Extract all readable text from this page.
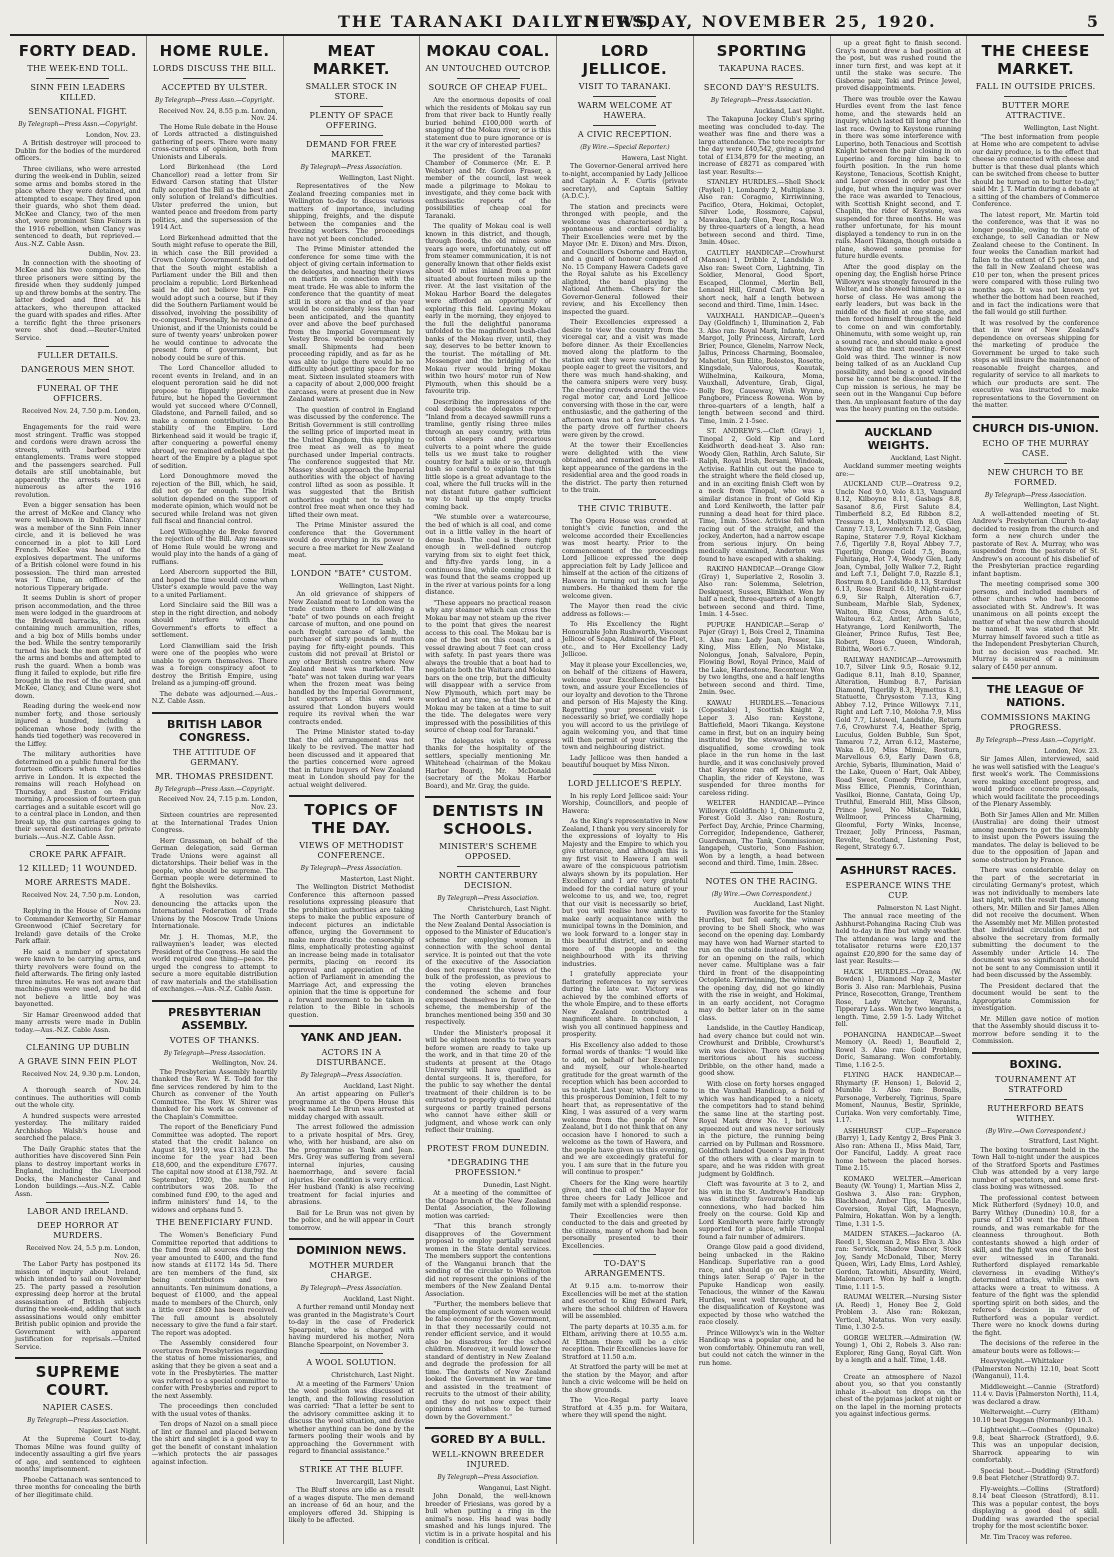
THE TARANAKI DAILY NEWS,
THURSDAY, NOVEMBER 25, 1920.	5
FORTY DEAD.
THE WEEK-END TOLL.
SINN FEIN LEADERS KILLED.
SENSATIONAL FIGHT.
By Telegraph—Press Assn.—Copyright.
London, Nov. 23.

A British destroyer will proceed to Dublin for the bodies of the murdered officers.

Three civilians, who were arrested during the week-end in Dublin, seized some arms and bombs stored in the place where they were detained, and attempted to escape. They fired upon their guards, who shot them dead. McKee and Clancy, two of the men shot, were prominent Sinn Feiners in the 1916 rebellion, when Clancy was sentenced to death, but reprieved.—Aus.-N.Z. Cable Assn.

Dublin, Nov. 23.

In connection with the shooting of McKee and his two companions, the three prisoners were sitting by the fireside when they suddenly jumped up and threw bombs at the sentry. The latter dodged and fired at his attackers, who thereupon attacked the guard with spades and rifles. After a terrific fight the three prisoners were shot dead.—Reuter-United Service.

FULLER DETAILS.
DANGEROUS MEN SHOT.
FUNERAL OF THE OFFICERS.
Received Nov. 24, 7.50 p.m. London, Nov. 23.

Engagements for the raid were most stringent. Traffic was stopped and cordons were drawn across the streets, with barbed wire entanglements. Trams were stopped and the passengers searched. Full details are still unobtainable, but apparently the arrests were as numerous as after the 1916 revolution.

Even a bigger sensation has been the arrest of McKee and Clancy who were well-known in Dublin. Clancy was a member of the Sinn Fein inner circle, and it is believed he was concerned in a plot to kill Lord French. McKee was head of the explosives department. The uniforms of a British colonel were found in his possession. The third man arrested was T. Clune, an officer of the notorious Tipperary brigade.

It seems Dublin is short of proper prison accommodation, and the three men were lodged in the guardroom at the Bridewell barracks, the room containing much ammunition, rifles, and a big box of Mills bombs under the bed. While the sentry temporarily turned his back the men got hold of the arms and bombs and attempted to rush the guard. When a bomb was flung it failed to explode, but rifle fire brought in the rest of the guard, and McKee, Clancy, and Clune were shot down.

Reading during the week-end now number forty, and those seriously injured a hundred, including a policeman whose body (with the hands tied together) was recovered in the Liffey.

The military authorities have determined on a public funeral for the fourteen officers when the bodies arrive in London. It is expected the remains will reach Holyhead on Thursday, and Euston on Friday morning. A procession of fourteen gun carriages and a suitable escort will go to a central place in London, and then break up, the gun carriages going to their several destinations for private burials.—Aus.-N.Z. Cable Assn.

CROKE PARK AFFAIR.
12 KILLED; 11 WOUNDED.
MORE ARRESTS MADE.
Received Nov. 24, 7.50 p.m. London, Nov. 23.

Replying in the House of Commons to Commander Kenworthy, Sir Hamar Greenwood (Chief Secretary for Ireland) gave details of the Croke Park affair.

He said a number of spectators were known to be carrying arms, and thirty revolvers were found on the field afterwards. The firing only lasted three minutes. He was not aware that machine-guns were used, and he did not believe a little boy was bayonetted.

Sir Hamar Greenwood added that many arrests were made in Dublin today.—Aus.-N.Z. Cable Assn.

CLEANING UP DUBLIN
A GRAVE SINN FEIN PLOT
Received Nov. 24, 9.30 p.m. London, Nov. 24.

A thorough search of Dublin continues. The authorities will comb out the whole city.

A hundred suspects were arrested yesterday. The military raided Archbishop Walsh's house and searched the palace.

The Daily Graphic states that the authorities have discovered Sinn Fein plans to destroy important works in England, including the Liverpool Docks, the Manchester Canal and London buildings.—Aus.-N.Z. Cable Assn.

LABOR AND IRELAND.
DEEP HORROR AT MURDERS.
Received Nov. 24, 5.5 p.m. London, Nov. 26.

The Labor Party has postponed its mission of inquiry about Ireland, which intended to sail on November 25. The party passed a resolution expressing deep horror at the brutal assassination of British subjects during the week-end, adding that such assassinations would only embitter British public opinion and provide the Government with apparent justification for reprisals.—United Service.

SUPREME COURT.
NAPIER CASES.
By Telegraph—Press Association.
Napier, Last Night.

At the Supreme Court to-day, Thomas Milne was found guilty of indecently assaulting a girl five years of age, and sentenced to eighteen months' imprisonment.

Phoebe Cattanach was sentenced to three months for concealing the birth of her illegitimate child.

HOME RULE.
LORDS DISCUSS THE BILL.
ACCEPTED BY ULSTER.
By Telegraph—Press Assn.—Copyright.
Received Nov. 24, 8.55 p.m. London, Nov. 24.

The Home Rule debate in the House of Lords attracted a distinguished gathering of peers. There were many cross-currents of opinion, both from Unionists and Liberals.

Lord Birkenhead (the Lord Chancellor) read a letter from Sir Edward Carson stating that Ulster fully accepted the Bill as the best and only solution of Ireland's difficulties. Ulster preferred the union, but wanted peace and freedom from party politics, and the supersession of the 1914 Act.

Lord Birkenhead admitted that the South might refuse to operate the Bill, in which case the Bill provided a Crown Colony Government. He added that the South might establish a Parliament under the Bill and then proclaim a republic. Lord Birkenhead said he did not believe Sinn Fein would adopt such a course, but if they did the Southern Parliament would be dissolved, involving the possibility of re-conquest. Personally, he remained a Unionist, and if the Unionists could be sure of twenty years' unbroken power he would continue to advocate the present form of government, but nobody could be sure of this.

The Lord Chancellor alluded to recent events in Ireland, and in an eloquent peroration said he did not propose to flippantly predict the future, but he hoped the Government would yet succeed where O'Connell, Gladstone, and Parnell failed, and so make a common contribution to the stability of the Empire. Lord Birkenhead said it would be tragic if, after conquering a powerful enemy abroad, we remained enfeebled at the heart of the Empire by a plague spot of sedition.

Lord Donoughmore moved the rejection of the Bill, which, he said, did not go far enough. The Irish solution depended on the support of moderate opinion, which would not be secured while Ireland was not given full fiscal and financial control.

Lord Willoughby de Broke favored the rejection of the Bill. Any measure of Home Rule would be wrong and would play into the hands of a gang of ruffians.

Lord Abercorn supported the Bill, and hoped the time would come when Ulster's example would pave the way to a united Parliament.

Lord Sinclaire said the Bill was a step in the right direction, and nobody should interfere with the Government's efforts to effect a settlement.

Lord Clanwilliam said the Irish were one of the peoples who were unable to govern themselves. There was a foreign conspiracy afoot to destroy the British Empire, using Ireland as a jumping-off ground.

The debate was adjourned.—Aus.-N.Z. Cable Assn.

BRITISH LABOR CONGRESS.
THE ATTITUDE OF GERMANY.
MR. THOMAS PRESIDENT.
By Telegraph—Press Assn.—Copyright.
Received Nov. 24, 7.15 p.m. London, Nov. 23.

Sixteen countries are represented at the International Trades Union Congress.

Herr Grassman, on behalf of the German delegation, said German Trade Unions were against all dictatorships. Their belief was in the people, who should be supreme. The German people were determined to fight the Bolsheviks.

A resolution was carried denouncing the attacks upon the International Federation of Trade Unions by the Moscow Trade Unions Internationale.

Mr. J. H. Thomas, M.P., the railwaymen's leader, was elected President of the Congress. He said the world required one thing—peace. He urged the congress to attempt to secure a more equitable distribution of raw materials and the stabilisation of exchanges.—Aus.-N.Z. Cable Assn.

PRESBYTERIAN ASSEMBLY.
VOTES OF THANKS.
By Telegraph—Press Association.
Wellington, Nov. 24.

The Presbyterian Assembly heartily thanked the Rev. W. E. Todd for the fine services rendered by him to the Church as convener of the Youth Committee. The Rev. W. Shirer was thanked for his work as convener of the Chaplain's Committee.

The report of the Beneficiary Fund Committee was adopted. The report stated that the credit balance on August 18, 1919, was £133,123. The income for the year had been £18,600, and the expenditure £7677. The capital now stood at £138,792. At September, 1920, the number of contributors was 208. To the combined fund £90, to the aged and infirm ministers' fund 14, to the widows and orphans fund 5.

THE BENEFICIARY FUND.

The Women's Beneficiary Fund Committee reported that additions to the fund from all sources during the year amounted to £400, and the fund now stands at £1172 14s 5d. There are ten members of the fund, six being contributors and two annuitants. Ten minimum donations, a bequest of £1000, and the appeal made to members of the Church, only a little over £800 has been received. The full amount is absolutely necessary to give the fund a fair start. The report was adopted.

The Assembly considered four overtures from Presbyteries regarding the status of home missionaries, and asking that they be given a seat and a vote in the Presbyteries. The matter was referred to a special committee to confer with Presbyteries and report to the next Assembly.

The proceedings then concluded with the usual votes of thanks.

Ten drops of Nazol on a small piece of lint or flannel and placed between the shirt and singlet is a good way to get the benefit of constant inhalation—which protects the air passages against infection.

MEAT MARKET.
SMALLER STOCK IN STORE.
PLENTY OF SPACE OFFERING.
DEMAND FOR FREE MARKET.
By Telegraph—Press Association.
Wellington, Last Night.

Representatives of the New Zealand freezing companies met in Wellington to-day to discuss various matters of importance, including shipping, freights, and the dispute between the companies and the freezing workers. The proceedings have not yet been concluded.

The Prime Minister attended the conference for some time with the object of giving certain information to the delegates, and hearing their views on matters in connection with the meat trade. He was able to inform the conference that the quantity of meat still in store at the end of the year would be considerably less than had been anticipated, and the quantity over and above the beef purchased from the Imperial Government by Vestey Bros. would be comparatively small. Shipments had been proceeding rapidly, and as far as he was able to judge there would be no difficulty about getting space for free meat. Sixteen insulated steamers with a capacity of about 2,000,000 freight carcases, were at present due in New Zealand waters.

The question of control in England was discussed by the conference. The British Government is still controlling the selling price of imported meat in the United Kingdom, this applying to free meat as well as to meat purchased under Imperial contracts. The conference suggested that Mr. Massey should approach the Imperial authorities with the object of having control lifted as soon as possible. It was suggested that the British authorities ought not to wish to control free meat when once they had lifted their own meat.

The Prime Minister assured the conference that the Government would do everything in its power to secure a free market for New Zealand meat.

LONDON "BATE" CUSTOM.
Wellington, Last Night.

An old grievance of shippers of New Zealand meat to London was the trade custom there of allowing a "bate" of two pounds on each freight carcase of mutton, and one pound on each freight carcase of lamb, the purchaser of sixty pounds of mutton paying for fifty-eight pounds. This custom did not prevail at Bristol or any other British centre where New Zealand meat was marketed. The "bate" was not taken during war years when the frozen meat was being handled by the Imperial Government, but exporters at this end were assured that London buyers would require its revival when the war contracts ended.

The Prime Minister stated to-day that the old arrangement was not likely to be revived. The matter had been discussed and it appeared that the parties concerned were agreed that in future buyers of New Zealand meat in London should pay for the actual weight delivered.

TOPICS OF THE DAY.
VIEWS OF METHODIST CONFERENCE.
By Telegraph—Press Association.
Masterton, Last Night.

The Wellington District Methodist Conference this afternoon passed resolutions expressing pleasure that the prohibition authorities are taking steps to make the public exposure of indecent pictures an indictable offence, urging the Government to make more drastic the censorship of films, emphatically protesting against an increase being made in totalisator permits, placing on record its approval and appreciation of the action of Parliament in amending the Marriage Act, and expressing the opinion that the time is opportune for a forward movement to be taken in relation to the Bible in schools question.

YANK AND JEAN.
ACTORS IN A DISTURBANCE.
By Telegraph—Press Association.
Auckland, Last Night.

An artist appearing on Fuller's programme at the Opera House this week named Le Brun was arrested at midday charged with assault.

The arrest followed the admission to a private hospital of Mrs. Grey, who, with her husband, are also on the programme as Yank and Jean. Mrs. Grey was suffering from several internal injuries, causing haemorrhage, and severe facial injuries. Her condition is very critical. Her husband (Yank) is also receiving treatment for facial injuries and abrasions.

Bail for Le Brun was not given by the police, and he will appear in Court tomorrow.

DOMINION NEWS.
MOTHER MURDER CHARGE.
By Telegraph—Press Association.
Auckland, Last Night.

A further remand until Monday next was granted in the Magistrate's Court to-day in the case of Frederick Spearpoint, who is charged with having murdered his mother, Nora Blanche Spearpoint, on November 3.

A WOOL SOLUTION.
Christchurch, Last Night.

At a meeting of the Farmers' Union the wool position was discussed at length, and the following resolution was carried: "That a letter be sent to the advisory committee asking it to discuss the wool situation, and devise whether anything can be done by the farmers pooling their wools and by approaching the Government with regard to financial assistance."

STRIKE AT THE BLUFF.
Invercargill, Last Night.

The Bluff stores are idle as a result of a wages dispute. The men demand an increase of 6d an hour, and the employers offered 3d. Shipping is likely to be affected.

MOKAU COAL.
AN UNTOUCHED OUTCROP.
SOURCE OF CHEAP FUEL.

Are the enormous deposits of coal which the residents of Mokau say run from that river back to Huntly really buried behind £100,000 worth of snagging of the Mokau river, or is this statement due to pure ignorance or is it the war cry of interested parties?

The president of the Taranaki Chamber of Commerce (Mr. E. P. Webster) and Mr. Gordon Fraser, a member of the council, last week made a pilgrimage to Mokau to investigate, and they come back with enthusiastic reports of the possibilities of cheap coal for Taranaki.

The quality of Mokau coal is well known in this district, and though, through floods, the old mines some years ago were, unfortunately, cut off from steamer communication, it is not generally known that other fields exist about 40 miles inland from a point situated about fourteen miles up the river. At the last visitation of the Mokau Harbor Board the delegates were afforded an opportunity of exploring this field. Leaving Mokau early in the morning, they enjoyed to the full the delightful panorama unfolded to the magnificent bush-clad banks of the Mokau river, until, they say, deserves to be better known to the tourist. The métalling of Mt. Messenger and the bridging of the Mokau river would bring Mokau within two hours' motor run of New Plymouth, when this should be a favourite trip.

Describing the impressions of the coal deposits the delegates report: "Inland from a decayed sawmill runs a tramline, gently rising three miles through an easy country, with trim cotton sleepers and precarious culverts to a point where the guide tells us we must take to rougher country for half a mile or so, through bush so careful to explain that this little slope is a great advantage to the coal, where the full trucks will in the not distant future gather sufficient way to haul up the empty trucks coming back.

"We stumble over a watercourse, the bed of which is all coal, and come out in a little valley in the heart of dense bush. The coal is there right enough in well-defined outcrop varying from six to eight feet thick, and fifty-five yards long, in a continuous line, while coming back it was found that the seams cropped up in the river at various points for a long distance.

"These appears no practical reason why any steamer which can cross the Mokau bar may not steam up the river to the point that gives the nearest access to this coal. The Mokau bar is one of the best on this coast, and a vessel drawing about 7 feet can cross with safety. In past years there was always the trouble that a boat had to negotiate both the Waitara and Mokau bars on the one trip, but the difficulty will disappear with a service from New Plymouth, which port may be worked at any time, so that the bar at Mokau may be taken at a time to suit the tide. The delegates were very impressed with the possibilities of this source of cheap coal for Taranaki."

The delegates wish to express thanks for the hospitality of the settlers, specially mentioning Mr. Whitehead (chairman of the Mokau Harbor Board), Mr. McDonald (secretary of the Mokau Harbor Board), and Mr. Gray, the guide.

DENTISTS IN SCHOOLS.
MINISTER'S SCHEME OPPOSED.
NORTH CANTERBURY DECISION.
By Telegraph—Press Association.
Christchurch, Last Night.

The North Canterbury branch of the New Zealand Dental Association is opposed to the Minister of Education's scheme for employing women in connection with the school dental service. It is pointed out that the vote of the executive of the Association does not represent the views of the bulk of the profession, as previous to the voting eleven branches condemned the scheme and four expressed themselves in favor of the scheme, the membership of the branches mentioned being 350 and 30 respectively.

Under the Minister's proposal it will be eighteen months to two years before women are ready to take up the work, and in that time 20 of the students at present at the Otago University will have qualified as dental surgeons. It is, therefore, for the public to say whether the dental treatment of their children is to be entrusted to properly qualified dental surgeons or partly trained persons who cannot have either skill or judgment, and whose work can only reflect their training.

PROTEST FROM DUNEDIN.
"DEGRADING THE PROFESSION."
Dunedin, Last Night.

At a meeting of the committee of the Otago branch of the New Zealand Dental Association, the following motion was carried:

"That this branch strongly disapproves of the Government proposal to employ partially trained women in the State dental services. The members support the contentions of the Wanganui branch that the sending of the circular to Wellington did not represent the opinions of the members of the New Zealand Dental Association.

"Further, the members believe that the employment of such women would be false economy for the Government, in that they necessarily could not render efficient service, and it would also be disastrous for the school children. Moreover, it would lower the standard of dentistry in New Zealand and degrade the profession for all time. The dentists of New Zealand looked the Government in war time and assisted in the treatment of recruits to the utmost of their ability, and they do not now expect their opinions and wishes to be turned down by the Government."

GORED BY A BULL.
WELL-KNOWN BREEDER INJURED.
By Telegraph—Press Association.
Wanganui, Last Night.

John Donald, the well-known breeder of Friesians, was gored by a bull when putting a ring in the animal's nose. His head was badly smashed and his lungs injured. The victim is in a private hospital and his condition is critical.

LORD JELLICOE.
VISIT TO TARANAKI.
WARM WELCOME AT HAWERA.
A CIVIC RECEPTION.
(By Wire.—Special Reporter.)
Hawera, Last Night.

The Governor-General arrived here to-night, accompanied by Lady Jellicoe and Captain A. F. Curtis (private secretary), and Captain Saltley (A.D.C.).

The station and precincts were thronged with people, and the welcome was characterised by a spontaneous and cordial cordiality. Their Excellencies were met by the Mayor (Mr. E. Dixon) and Mrs. Dixon, and Councillors Osborne and Hayton, and a guard of honour composed of No. 15 Company Hawera Cadets gave the Royal salute as his Excellency alighted, the band playing the National Anthem. Cheers for the Governor-General followed their review, and his Excellency then inspected the guard.

Their Excellencies expressed a desire to view the country from the viceregal car, and a visit was made before dinner. As their Excellencies moved along the platform to the station exit they were surrounded by people eager to greet the visitors, and there was much hand-shaking, and the camera snipers were very busy. The cheering crowds around the vice-regal motor car, and Lord Jellicoe conversing with those in the car, were enthusiastic, and the gathering of the afternoon was not a few minutes. As the party drove off further cheers were given by the crowd.

At the tower their Excellencies were delighted with the view obtained, and remarked on the well-kept appearance of the gardens in the residential area and the good roads in the district. The party then returned to the train.

THE CIVIC TRIBUTE.

The Opera House was crowded at tonight's civic function, and the welcome accorded their Excellencies was most hearty. Prior to the commencement of the proceedings Lord Jellicoe expressed the deep appreciation felt by Lady Jellicoe and himself at the action of the citizens of Hawera in turning out in such large numbers. He thanked them for the welcome given.

The Mayor then read the civic address as follows:—

To His Excellency the Right Honourable John Rushworth, Viscount Jellicoe of Scapa, Admiral of the Fleet, etc., and to Her Excellency Lady Jellicoe.

May it please your Excellencies, we, on behalf of the citizens of Hawera, welcome your Excellencies to this town, and assure your Excellencies of our loyalty and devotion to the Throne and person of His Majesty the King. Regretting your present visit is necessarily so brief, we cordially hope you will accord to us the privilege of again welcoming you, and that time will then permit of your visiting the town and neighbouring district.

Lady Jellicoe was then handed a beautiful bouquet by Miss Nixon.

LORD JELLICOE'S REPLY.

In his reply Lord Jellicoe said: Your Worship, Councillors, and people of Hawera:

As the King's representative in New Zealand, I thank you very sincerely for the expressions of loyalty to His Majesty and the Empire to which you give utterance, and although this is my first visit to Hawera I am well aware of the conspicuous patriotism always shown by its population. Her Excellency and I are very grateful indeed for the cordial nature of your welcome to us, and we, too, regret that our visit is necessarily so brief, but you will realise how anxiety to make early acquaintance with the municipal towns in the Dominion, and we look forward to a longer stay in this beautiful district, and to seeing more of the people and the neighbourhood with its thriving industries.

I gratefully appreciate your flattering references to my services during the late war. Victory was achieved by the combined efforts of the whole Empire, and to these efforts New Zealand contributed a magnificent share. In conclusion, I wish you all continued happiness and prosperity.

His Excellency also added to those formal words of thanks: "I would like to add, on behalf of her Excellency and myself, our whole-hearted gratitude for the great warmth of the reception which has been accorded to us to-night. Last year, when I came to this prosperous Dominion, I felt to my heart that, as representative of the King, I was assured of a very warm welcome from the people of New Zealand, but I do not think that on any occasion have I honored to such a welcome as the town of Hawera, and the people have given us this evening, and we are exceedingly grateful for you. I am sure that in the future you will continue to prosper."

Cheers for the King were heartily given, and the call of the Mayor for three cheers for Lady Jellicoe and family met with a splendid response.

Their Excellencies were then conducted to the dais and greeted by the citizens, many of whom had been personally presented to their Excellencies.

TO-DAY'S ARRANGEMENTS.

At 9.15 a.m. to-morrow their Excellencies will be met at the station and escorted to King Edward Park, where the school children of Hawera will be assembled.

The party departs at 10.35 a.m. for Eltham, arriving there at 10.55 a.m. At Eltham there will be a civic reception. Their Excellencies leave for Stratford at 11.50 a.m.

At Stratford the party will be met at the station by the Mayor, and after lunch a civic welcome will be held on the show grounds.

The Vice-Regal party leave Stratford at 4.35 p.m. for Waitara, where they will spend the night.

SPORTING
TAKAPUNA RACES.
SECOND DAY'S RESULTS.
By Telegraph—Press Association.
Auckland, Last Night.

The Takapuna Jockey Club's spring meeting was concluded to-day. The weather was fine and there was a large attendance. The tote receipts for the day were £40,542, giving a grand total of £134,879 for the meeting, an increase of £8271 as compared with last year. Results:—

STANLEY HURDLES.—Shell Shock (Paykel) 1, Lombardy 2, Multiplane 3. Also ran: Coragmo, Kirriwinning, Pacifico, Otera, Hokimai, Octoplet, Silver Lode, Rossmore, Capsul, Mawakea, Lady Glen, Peer, Rosa. Won by three-quarters of a length, a head between second and third. Time, 3min. 40sec.

CAUTLEY HANDICAP.—Crowhurst (Manson) 1, Dribble 2, Landslide 3. Also ran: Sweet Corn, Lightning, Tin Soldier, Menoral, Good Sport, Escaped, Clonmel, Merlin Bell, Lennoal Hill, Grand Carl. Won by a short neck, half a length between second and third. Time, 1min. 14sec.

VAUXHALL HANDICAP.—Queen's Day (Goldfinch) 1, Illumination 2, Fab 3. Also ran: Royal Mark, Infante, Arch Margot, Jolly Princess, Aircraft, Lord Brier, Pounce, Glenelm, Narrow Neck, Jallus, Princess Charming, Boomalee, Mahetiot, Sun Elite, Bolestos, Rosette, Kingsdale, Valorous, Koautak, Wilhelmina, Kaikoura, Moma, Vauxhall, Adventure, Grab, Gigal, Bolly Boy, Causeway, Wish Wynne, Pangbore, Princess Rowena. Won by three-quarters of a length, half a length between second and third. Time, 1min. 2 1-5sec.

ST. ANDREW'S.—Cleft (Gray) 1, Tinopal 2, Gold Kip and Lord Keidlworth dead-heat 3. Also ran: Woody Glen, Rathlin, Arch Salute, Sir Ralph, Royal Irish, Bersani, Windoak, Activise. Rathlin cut out the pace to the straight where the field closed up, and in an exciting finish Cleft won by a neck from Tinopal, who was a similar distance in front of Gold Kip and Lord Kenilworth, the latter pair running a dead heat for third place. Time, 1min. 55sec. Activise fell when racing out of the straight, and the jockey, Anderton, had a narrow escape from serious injury. On being medically examined, Anderton was found to have escaped with a shaking.

RAKINO HANDICAP.—Orange Glow (Gray) 1, Superlative 2, Rosolin 3. Also ran: Solemma, Seletrion, Deskquest, Sussex, Blinkhat. Won by half a neck, three-quarters of a length between second and third. Time, 1min. 1 4-5sec.

PUPUKE HANDICAP.—Serap o' Pajer (Gray) 1, Bois Creel 2, Tinamina 3. Also ran: Lady Joan, Posser, Lis King, Miss Ellen, No Mistake, Nolongus, Jonah, Salvalore, Pepin, Flowing Bowl, Royal Prince, Maid of the Lake, Hardestone, Reconteur. Won by two lengths, one and a half lengths between second and third. Time, 2min. 9sec.

KAWAU HURDLES.—Tenacious (Copestake) 1, Scottish Knight 2, Leper 3. Also ran: Keystone, Battlefield, Maori Tikanga. Keystone came in first, but on an inquiry being instituted by the stewards, he was disqualified, some crowding took place in the run home in the last hurdle, and it was conclusively proved that Keystone ran off his line. T. Chaplin, the rider of Keystone, was suspended for three months for careless riding.

WELTER HANDICAP.—Prince Willowyx (Goldfinch) 1, Ohinemutu 2, Forest Gold 3. Also ran: Rostura, Perfect Day, Archie, Prince Charming, Corregidor, Independence, Gatherer, Guardsman, The Tank, Commissioner, Iangapeh, Custorio, Sono Fashion. Won by a length, a head between second and third. Time, 1min. 28sec.

NOTES ON THE RACING.
(By Wire.—Own Correspondent.)
Auckland, Last Night.

Pavilion was favorite for the Stanley Hurdles, but fell early, the winner proving to be Shell Shock, who was second on the opening day. Lombardy may have won had Warner started to run on the outside instead of looking for an opening on the rails, which never came. Multiplane was a fair third in front of the disappointing Octoplete. Kirriwinning, the winner on the opening day, did not go kindly with the rise in weight, and Hokimai, in an early accident, not Coragmo may do better later on in the same class.

Landslide, in the Cautley Handicap, had every chance but could not win. Crowhurst and Dribble, Crowhurst's win was decisive. There was nothing meritorious about his success. Dribble, on the other hand, made a good show.

With close on forty horses engaged in the Vauxhall Handicap, a field of which was handicapped to a nicety, the competitors had to stand behind the same line at the starting post. Royal Mark drew No. 1, but was squeezed out and was never seriously in the picture, the running being carried on by Pullman and Rossmore. Goldfinch landed Queen's Day in front of the others with a clear margin to spare, and he was ridden with great judgment by Goldfinch.

Cleft was favourite at 3 to 2, and his win in the St. Andrew's Handicap was distinctly favourable to his connexions, who had backed him freely on the course. Gold Kip and Lord Kenilworth were fairly strongly supported for a place, while Tinopal found a fair number of admirers.

Orange Glow paid a good dividend, being unbacked in the Rakino Handicap. Superlative ran a good race, and should go on to better things later. Serap o' Pajer in the Pupuke Handicap won easily. Tenacious, the winner of the Kawau Hurdles, went well throughout, and the disqualification of Keystone was expected by those who watched the race closely.

Prince Willowyx's win in the Welter Handicap was a popular one, and he won comfortably. Ohinemutu ran well, but could not catch the winner in the run home.

up a great fight to finish second. Gray's mount drew a bad position at the post, but was rushed round the inner turn first, and was kept at it until the stake was secure. The Gisborne pair, Teki and Prince Jewel, proved disappointments.

There was trouble over the Kawau Hurdles event from the last fence home, and the stewards held an inquiry, which lasted till long after the last race. Owing to Keystone running in there was some interference with Luperino, both Tenacious and Scottish Knight between the pair closing in on Luperino and forcing him back to fourth position. In the run home Keystone, Tenacious, Scottish Knight, and Leper crossed in order past the judge, but when the inquiry was over the race was awarded to Tenacious, with Scottish Knight second, and T. Chaplin, the rider of Keystone, was suspended for three months. He was rather unfortunate, for his mount displayed a tendency to run in on the rails. Maori Tikanga, though outside a plane, showed some promise for future hurdle events.

After the good display on the opening day, the English horse Prince Willowyx was strongly favoured in the Welter, and he showed himself up as a horse of class. He was among the early leaders, but was back in the middle of the field at one stage, and then forced himself through the field to come on and win comfortably. Ohinemutu, with some weight up, ran a sound race, and should make a good showing at the next meeting. Forest Gold was third. The winner is now being talked of as an Auckland Cup possibility, and being a good winded horse he cannot be discounted. If the Cup mission is serious, he may be seen out in the Wanganui Cup before then. An unpleasant feature of the day was the heavy punting on the outside.

AUCKLAND WEIGHTS.
Auckland, Last Night.

Auckland summer meeting weights are:—

AUCKLAND CUP.—Oratress 9.2, Uncle Ned 9.0, Volo 8.13, Vanguard 8.12, Kilboyne 8.11, Gasbags 8.8, Sasanof 8.6, First Salute 8.4, Timberfield 8.2, Ed Ribbon 8.2, Tressure 8.1, Mollysmith 8.0, Glen Canny 7.13, Lovemetch 7.12, Gasbag, Rapine, Staterer 7.9, Royal Kickham 7.6, Tigerlily 7.8, Royal Abbey 7.7, Tigerlily, Orange Gold 7.5, Boom, Fuhitanga, Hot 7.4, Woody Glen, Lady Joan, Cymbal, Jolly Walker 7.2, Right and Left 7.1, Delight 7.0, Razzle 8.1, Rostrum 8.0, Landslide 8.13, Stardust 6.13, Rose Brazil 6.10, Night-raider 6.9, Sir Ralph, Alteration 6.7, Sunbeam, Marble Slab, Sydenex, Walton, Bine Cross, Athena 6.5, Waiteura 6.2, Antler, Arch Salute, Hatyrange, Lord Kenilworth, The Gleaner, Prince Rufus, Test Bee, Robert, Rose Queen, Windorah, Bibitha, Woori 6.7.

RAILWAY HANDICAP.—Arrowsmith 10.7, Silver Link 9.5, Rosaic 9.12, Gadique 8.11, Inah 8.10, Spanner, Alteration, Humbug 8.7, Parisian Diamond, Tigerlily 8.3, Hymettus 8.1, Statuette, Chrysostom 7.13, King Abbey 7.12, Prince Willowyx 7.11, Right and Left 7.10, Moloha 7.9, Miss Gold 7.7, Listowel, Landslide, Return 7.6, Crowhurst 7.4, Heather Sprig, Luculus, Golden Bubble, Sun Spot, Tamarou 7.2, Arran 6.12, Masterne, Waka 6.10, Miss Mimic, Rostura, Marvellous 6.9, Early Dawn 6.8, Archie, Sybaris, Illumination, Maid o' the Lake, Queen o' Hart, Oak Abbey, Road Sweet, Comedy Prince, Acari, Miss Ellice, Piemnis, Corinthian, Vasilkoi, Bionne, Cantata, Going Up, Truthful, Emerald Hill, Miss Gibson, Prince Jewel, No Mistake, Tekki, Wellmoor, Princess Charming, Gloomful, Forty Winks, Incense, Trezaer, Jolly Princess, Pasman, Revolte, Scotland, Listening Post, Regent, Strategy 6.7.

ASHHURST RACES.
ESPERANCE WINS THE CUP.
Palmerston N. Last Night.

The annual race meeting of the Ashhurst-Pohangina Racing Club was held to-day in fine but windy weather. The attendance was large and the totalisator returns were £20,137 against £20,890 for the same day of last year. Results:—

HACK HURDLES.—Oranea (W. Bowden) 1, Diamond Nap 2, Master Boris 3. Also ran: Marblehais, Pusina Prince, Rosecotton, Grange, Trenthem Rose, Lady Witcher, Waranita, Tipperary Lass. Won by two lengths, a length. Time, 2.59 1-5. Lady Witchet fell.

POHANGINA HANDICAP.—Sweet Memory (A. Reed) 1, Beaufield 2, Rowel 3. Also ran: Gold Problem, Doric, Samarang. Won comfortably. Time, 1.16 2-5.

FLYING HACK HANDICAP.—Rhymarty (F. Henson) 1, Belovid 2, Mumble 3. Also ran: Borealis, Parsonage, Verberely, Tigrinus, Spare Moment, Naunus, Bestir, Sprinkle, Curiaka. Won very comfortably. Time, 1.17.

ASHHURST CUP.—Esperance (Barry) 1, Lady Kentgy 2, Bres Pink 3. Also ran: Athena II., Miss Maid, Tarr, Oor Fanciful, Laddy. A great race home between the placed horses. Time 2.15.

KOMAKO WELTER.—American Beauty (W. Young) 1, Martian Miss 2, Goshwa 3. Also ran: Gryphon, Blackhead, Amber Tips, La Pucelle, Coversion, Royal Gift, Magnesyn, Palmira, Hokattan. Won by a length. Time, 1.31 1-5.

MAIDEN STAKES.—Jackaroo (A. Reed) 1, Sleeman 2, Miss Elva 3. Also ran: Servick, Shadow Dancer, Stock Joy, Sandy McDonald, Tiber, Merry Queen, Wiri, Lady Elms, Lord Ashley, Gordon, Tatowhiti, Absurdity, Weird, Malencourt. Won by half a length. Time, 1.11 1-5.

RAUMAI WELTER.—Nursing Sister (A. Reed) 1, Honey Bee 2, Gold Problem 3. Also ran: Rokezan, Vertical, Matatus. Won very easily. Time, 1.30 2-5.

GORGE WELTER.—Admiration (W. Young) 1, Obi 2, Robels 3. Also ran: Explorer, Ring Gang, Royal Gift. Won by a length and a half. Time, 1.48.

Create an atmosphere of Nazol about you, so that you constantly inhale it—about ten drops on the chest of the pyjamas jacket at night or on the lapel in the morning protects you against infectious germs.

THE CHEESE MARKET.
FALL IN OUTSIDE PRICES.
BUTTER MORE ATTRACTIVE.
Wellington, Last Night.

"The best information from people at Home who are competent to advise our dairy produce, is to the effect that cheese are connected with cheese and butter is that these dual plants which can be switched from cheese to butter should be turned on to butter to-day," said Mr. J. T. Martin during a debate at a sitting of the chambers of Commerce Conference.

The latest report, Mr. Martin told the conference, was that it was no longer possible, owing to the rate of exchange, to sell Canadian or New Zealand cheese to the Continent. In four weeks the Canadian market had fallen to the extent of £5 per ton, and the fall in New Zealand cheese was £10 per ton, when the present prices were compared with those ruling two months ago. It was not known yet whether the bottom had been reached, and in fact the indications were that the fall would go still further.

It was resolved by the conference that in view of New Zealand's dependence on overseas shipping for the marketing of produce the Government be urged to take such steps as will insure the maintenance of reasonable freight charges, and regularity of service to all markets to which our products are sent. The executive was instructed to make representations to the Government on the matter.

CHURCH DIS-UNION.
ECHO OF THE MURRAY CASE.
NEW CHURCH TO BE FORMED.
By Telegraph—Press Association.
Wellington, Last Night.

A well-attended meeting of St. Andrew's Presbyterian Church to-day decided to resign from the church and form a new church under the pastorate of Rev. A. Murray, who was suspended from the pastorate of St. Andrew's on account of his disbelief of the Presbyterian practice regarding infant baptism.

The meeting comprised some 300 persons, and included members of other churches who had become associated with St. Andrew's. It was unanimous on all points except the matter of what the new church should be named. It was stated that Mr. Murray himself favored such a title as the Independent Presbyterian Church, but no decision was reached. Mr. Murray is assured of a minimum salary of £450 per annum.

THE LEAGUE OF NATIONS.
COMMISSIONS MAKING PROGRESS.
By Telegraph—Press Assn.—Copyright.
London, Nov. 23.

Sir James Allen, interviewed, said he was well satisfied with the League's first week's work. The Commissions were making excellent progress, and would produce concrete proposals, which would facilitate the proceedings of the Plenary Assembly.

Both Sir James Allen and Mr. Millen (Australia) are doing their utmost among members to get the Assembly to insist upon the Powers issuing the mandates. The delay is believed to be due to the opposition of Japan and some obstruction by France.

There was considerable delay on the part of the secretariat in circulating Germany's protest, which was not individually to members late last night, with the result that, among others, Mr. Millen and Sir James Allen did not receive the document. When the Assembly met Mr. Millen protested that individual circulation did not absolve the secretary from formally submitting the document to the Assembly under Article 14. The document was so significant it should not be sent to any Commission until it had been discussed by the Assembly.

The President declared that the document would be sent to the Appropriate Commission for investigation.

Mr. Millen gave notice of motion that the Assembly should discuss it to-morrow before sending it to the Commission.

BOXING.
TOURNAMENT AT STRATFORD
RUTHERFORD BEATS WITHEY.
(By Wire.—Own Correspondent.)
Stratford, Last Night.

The boxing tournament held in the Town Hall to-night under the auspices of the Stratford Sports and Pastimes Club was attended by a very large number of spectators, and some first-class boxing was witnessed.

The professional contest between Mick Rutherford (Sydney) 10.0, and Barry Withey (Dunedin) 10.8, for a purse of £150 went the full fifteen rounds, and was remarkable for the cleanness throughout. Both contestants showed a high order of skill, and the fight was one of the best ever witnessed in Taranaki. Rutherford displayed remarkable cleverness in evading Withey's determined attacks, while his own attacks were a treat to witness. A feature of the fight was the splendid sporting spirit on both sides, and the referee's decision in favor of Rutherford was a popular verdict. There were no knock downs during the fight.

The decisions of the referee in the amateur bouts were as follows:—

Heavyweight.—Whittaker (Palmerston North) 12.10, beat Scott (Wanganui), 11.4.

Middleweight.—Cannie (Stratford) 11.4 v. Davis (Palmerston North), 11.4, was declared a draw.

Welterweight.—Curry (Eltham) 10.10 beat Duggan (Normanby) 10.3.

Lightweight.—Coombes (Opunake) 9.8, beat Sharrock (Stratford), 9.6. This was an unpopular decision, Sharrock appearing to win comfortably.

Special bout.—Dudding (Stratford) 9.8 beat Fletcher (Stratford) 9.7.

Fly-weights.—Collins (Stratford) 8.14 beat Cleeson (Stratford), 8.11. This was a popular contest, the boys displaying a good deal of skill. Dudding was awarded the special trophy for the most scientific boxer.

Mr. Tim Tracey was referee.
